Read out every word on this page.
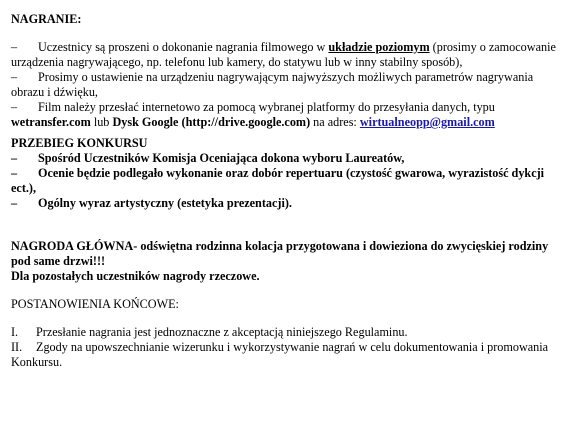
NAGRANIE:

– Uczestnicy są proszeni o dokonanie nagrania filmowego w układzie poziomym (prosimy o zamocowanie urządzenia nagrywającego, np. telefonu lub kamery, do statywu lub w inny stabilny sposób),

– Prosimy o ustawienie na urządzeniu nagrywającym najwyższych możliwych parametrów nagrywania obrazu i dźwięku,

– Film należy przesłać internetowo za pomocą wybranej platformy do przesyłania danych, typu wetransfer.com lub Dysk Google (http://drive.google.com) na adres: wirtualneopp@gmail.com

PRZEBIEG KONKURSU

– Spośród Uczestników Komisja Oceniająca dokona wyboru Laureatów,

– Ocenie będzie podlegało wykonanie oraz dobór repertuaru (czystość gwarowa, wyrazistość dykcji ect.),

– Ogólny wyraz artystyczny (estetyka prezentacji).

NAGRODA GŁÓWNA- odświętna rodzinna kolacja przygotowana i dowieziona do zwycięskiej rodziny pod same drzwi!!!

Dla pozostałych uczestników nagrody rzeczowe.

POSTANOWIENIA KOŃCOWE:

I. Przesłanie nagrania jest jednoznaczne z akceptacją niniejszego Regulaminu.

II. Zgody na upowszechnianie wizerunku i wykorzystywanie nagrań w celu dokumentowania i promowania Konkursu.
